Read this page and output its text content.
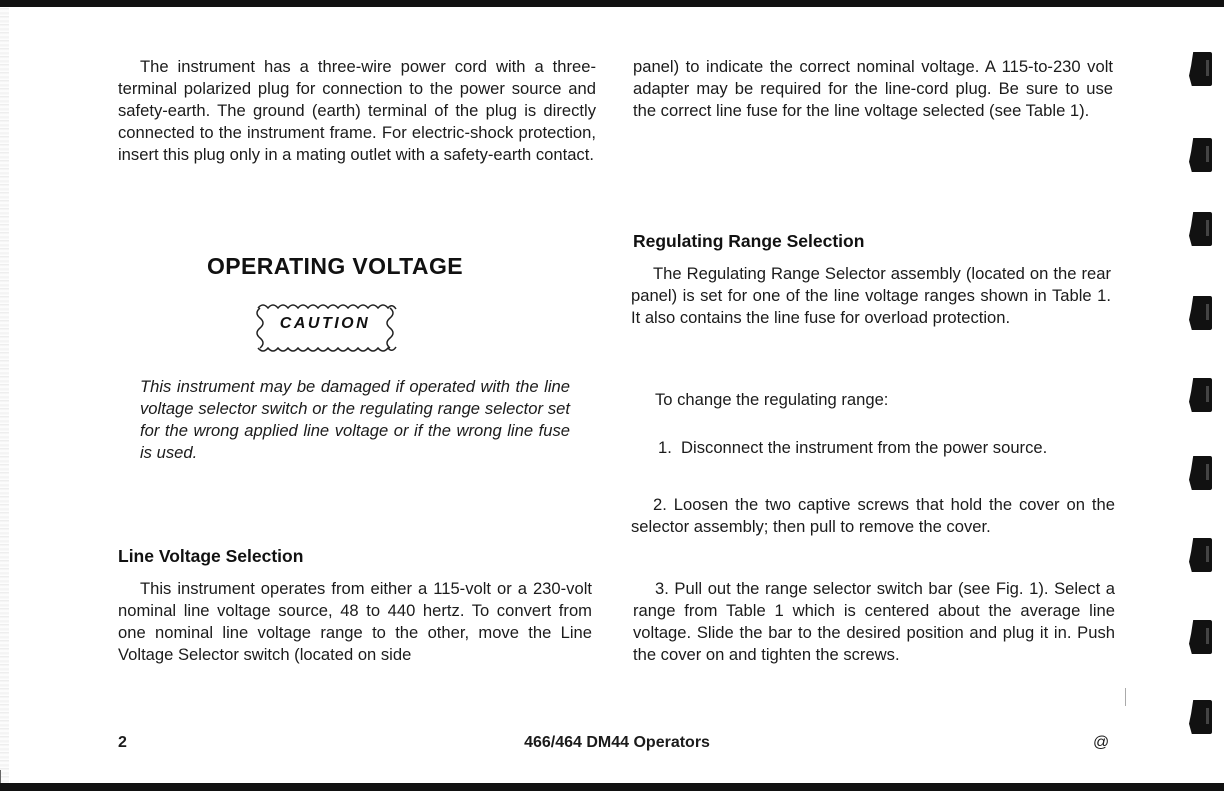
The instrument has a three-wire power cord with a three-terminal polarized plug for connection to the power source and safety-earth. The ground (earth) terminal of the plug is directly connected to the instrument frame. For electric-shock protection, insert this plug only in a mating outlet with a safety-earth contact.

OPERATING VOLTAGE
CAUTION

This instrument may be damaged if operated with the line voltage selector switch or the regulating range selector set for the wrong applied line voltage or if the wrong line fuse is used.

Line Voltage Selection

This instrument operates from either a 115-volt or a 230-volt nominal line voltage source, 48 to 440 hertz. To convert from one nominal line voltage range to the other, move the Line Voltage Selector switch (located on side

panel) to indicate the correct nominal voltage. A 115-to-230 volt adapter may be required for the line-cord plug. Be sure to use the correct line fuse for the line voltage selected (see Table 1).

Regulating Range Selection

The Regulating Range Selector assembly (located on the rear panel) is set for one of the line voltage ranges shown in Table 1. It also contains the line fuse for overload protection.

To change the regulating range:

1.  Disconnect the instrument from the power source.

2. Loosen the two captive screws that hold the cover on the selector assembly; then pull to remove the cover.

3. Pull out the range selector switch bar (see Fig. 1). Select a range from Table 1 which is centered about the average line voltage. Slide the bar to the desired position and plug it in. Push the cover on and tighten the screws.

2	466/464 DM44 Operators	@
